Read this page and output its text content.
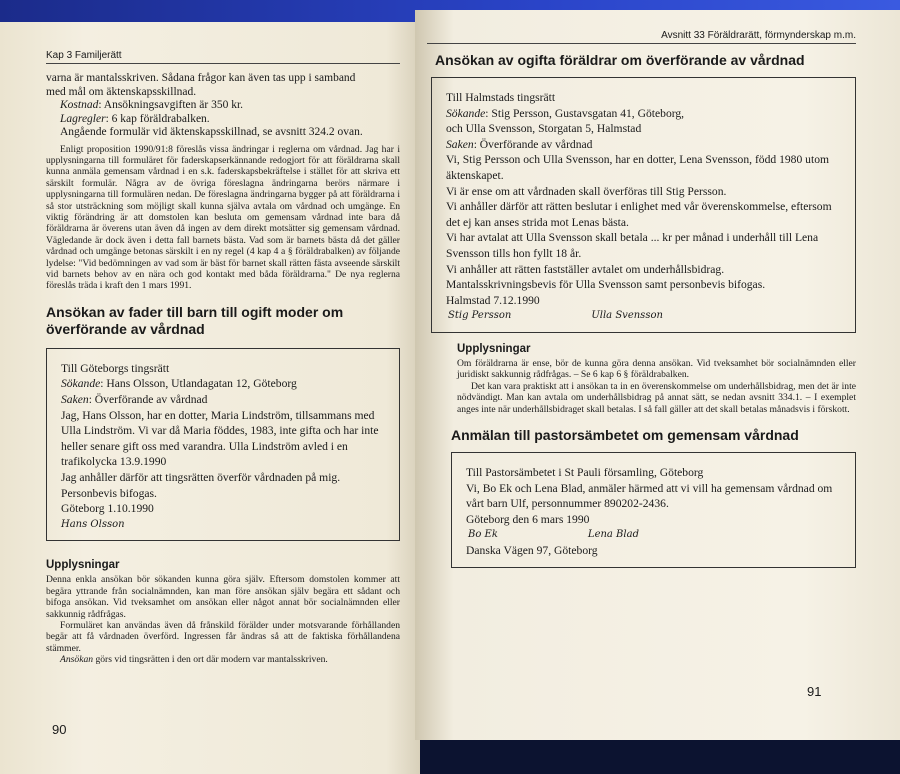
Kap 3 Familjerätt

varna är mantalsskriven. Sådana frågor kan även tas upp i samband

med mål om äktenskapsskillnad.

Kostnad: Ansökningsavgiften är 350 kr.

Lagregler: 6 kap föräldrabalken.

Angående formulär vid äktenskapsskillnad, se avsnitt 324.2 ovan.

Enligt proposition 1990/91:8 föreslås vissa ändringar i reglerna om vårdnad. Jag har i upplysningarna till formuläret för faderskapserkännande redogjort för att föräldrarna skall kunna anmäla gemensam vårdnad i en s.k. faderskapsbekräftelse i stället för att skriva ett särskilt formulär. Några av de övriga föreslagna ändringarna berörs närmare i upplysningarna till formulären nedan. De föreslagna ändringarna bygger på att föräldrarna i så stor utsträckning som möjligt skall kunna själva avtala om vårdnad och umgänge. En viktig förändring är att domstolen kan besluta om gemensam vårdnad inte bara då föräldrarna är överens utan även då ingen av dem direkt motsätter sig gemensam vårdnad. Vägledande är dock även i detta fall barnets bästa. Vad som är barnets bästa då det gäller vårdnad och umgänge betonas särskilt i en ny regel (4 kap 4 a § föräldrabalken) av följande lydelse: "Vid bedömningen av vad som är bäst för barnet skall rätten fästa avseende särskilt vid barnets behov av en nära och god kontakt med båda föräldrarna." De nya reglerna föreslås träda i kraft den 1 mars 1991.

Ansökan av fader till barn till ogift moder om överförande av vårdnad

Till Göteborgs tingsrätt

Sökande: Hans Olsson, Utlandagatan 12, Göteborg

Saken: Överförande av vårdnad

Jag, Hans Olsson, har en dotter, Maria Lindström, tillsammans med Ulla Lindström. Vi var då Maria föddes, 1983, inte gifta och har inte heller senare gift oss med varandra. Ulla Lindström avled i en trafikolycka 13.9.1990

Jag anhåller därför att tingsrätten överför vårdnaden på mig.

Personbevis bifogas.

Göteborg 1.10.1990

Hans Olsson

Upplysningar

Denna enkla ansökan bör sökanden kunna göra själv. Eftersom domstolen kommer att begära yttrande från socialnämnden, kan man före ansökan själv begära ett sådant och bifoga ansökan. Vid tveksamhet om ansökan eller något annat bör socialnämnden eller sakkunnig rådfrågas.

Formuläret kan användas även då frånskild förälder under motsvarande förhållanden begär att få vårdnaden överförd. Ingressen får ändras så att de faktiska förhållandena stämmer.

Ansökan görs vid tingsrätten i den ort där modern var mantalsskriven.

90
Avsnitt 33 Föräldrarätt, förmynderskap m.m.
Ansökan av ogifta föräldrar om överförande av vårdnad

Till Halmstads tingsrätt

Sökande: Stig Persson, Gustavsgatan 41, Göteborg,

och Ulla Svensson, Storgatan 5, Halmstad

Saken: Överförande av vårdnad

Vi, Stig Persson och Ulla Svensson, har en dotter, Lena Svensson, född 1980 utom äktenskapet.

Vi är ense om att vårdnaden skall överföras till Stig Persson.

Vi anhåller därför att rätten beslutar i enlighet med vår överenskommelse, eftersom det ej kan anses strida mot Lenas bästa.

Vi har avtalat att Ulla Svensson skall betala ... kr per månad i underhåll till Lena Svensson tills hon fyllt 18 år.

Vi anhåller att rätten fastställer avtalet om underhållsbidrag.

Mantalsskrivningsbevis för Ulla Svensson samt personbevis bifogas.

Halmstad 7.12.1990

Stig Persson	Ulla Svensson
Upplysningar

Om föräldrarna är ense, bör de kunna göra denna ansökan. Vid tveksamhet bör socialnämnden eller juridiskt sakkunnig rådfrågas. – Se 6 kap 6 § föräldrabalken.

Det kan vara praktiskt att i ansökan ta in en överenskommelse om underhållsbidrag, men det är inte nödvändigt. Man kan avtala om underhållsbidrag på annat sätt, se nedan avsnitt 334.1. – I exemplet anges inte när underhållsbidraget skall betalas. I så fall gäller att det skall betalas månadsvis i förskott.

Anmälan till pastorsämbetet om gemensam vårdnad

Till Pastorsämbetet i St Pauli församling, Göteborg

Vi, Bo Ek och Lena Blad, anmäler härmed att vi vill ha gemensam vårdnad om vårt barn Ulf, personnummer 890202-2436.

Göteborg den 6 mars 1990

Bo Ek	Lena Blad

Danska Vägen 97, Göteborg

91
